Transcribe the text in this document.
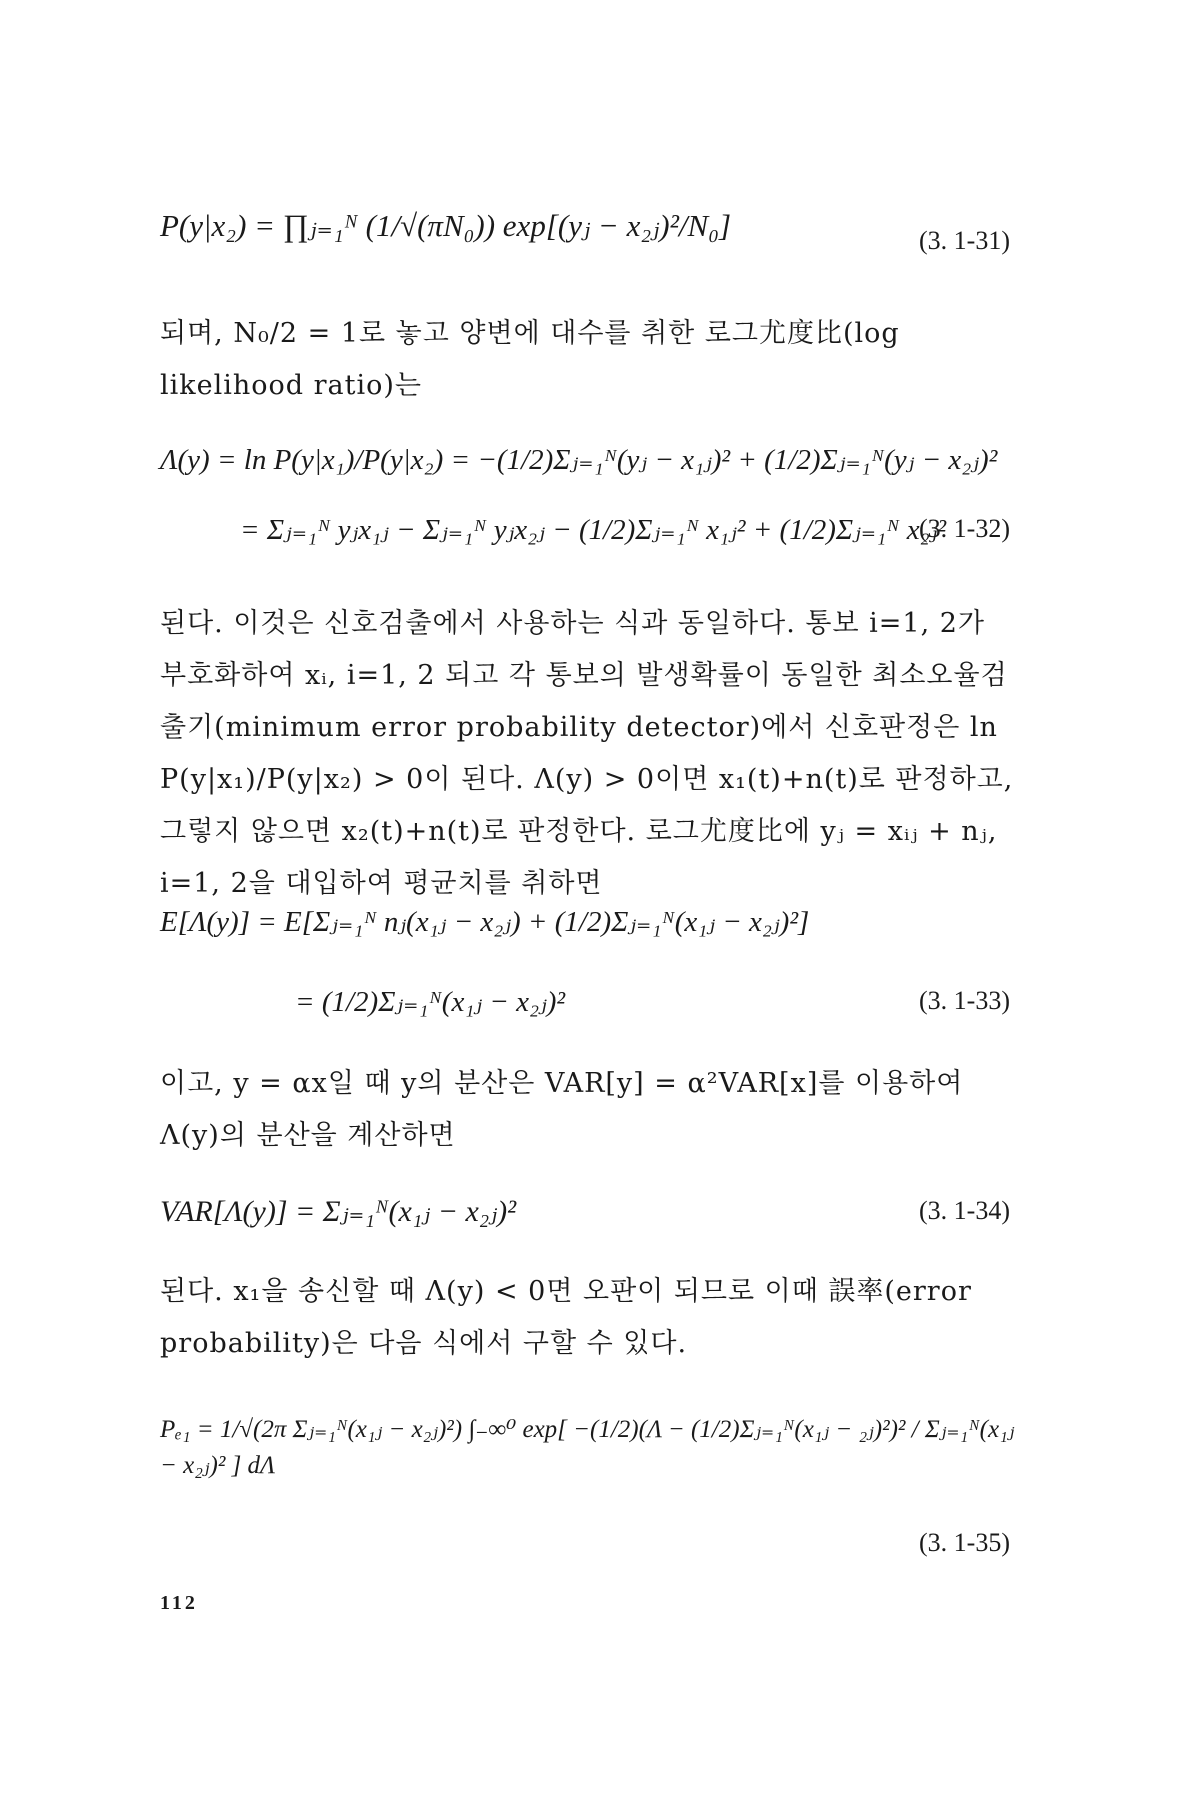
P(y|x₂) = ∏ⱼ₌₁ᴺ (1/√(πN₀)) exp[(yⱼ − x₂ⱼ)²/N₀]	(3. 1-31)
되며, N₀/2 = 1로 놓고 양변에 대수를 취한 로그尤度比(log likelihood ratio)는
Λ(y) = ln P(y|x₁)/P(y|x₂) = −(1/2)Σⱼ₌₁ᴺ(yⱼ − x₁ⱼ)² + (1/2)Σⱼ₌₁ᴺ(yⱼ − x₂ⱼ)²
= Σⱼ₌₁ᴺ yⱼx₁ⱼ − Σⱼ₌₁ᴺ yⱼx₂ⱼ − (1/2)Σⱼ₌₁ᴺ x₁ⱼ² + (1/2)Σⱼ₌₁ᴺ x₂ⱼ²
(3. 1-32)
된다. 이것은 신호검출에서 사용하는 식과 동일하다. 통보 i=1, 2가 부호화하여 xᵢ, i=1, 2 되고 각 통보의 발생확률이 동일한 최소오율검출기(minimum error probability detector)에서 신호판정은 ln P(y|x₁)/P(y|x₂) > 0이 된다. Λ(y) > 0이면 x₁(t)+n(t)로 판정하고, 그렇지 않으면 x₂(t)+n(t)로 판정한다. 로그尤度比에 yⱼ = xᵢⱼ + nⱼ, i=1, 2을 대입하여 평균치를 취하면
E[Λ(y)] = E[Σⱼ₌₁ᴺ nⱼ(x₁ⱼ − x₂ⱼ) + (1/2)Σⱼ₌₁ᴺ(x₁ⱼ − x₂ⱼ)²]
= (1/2)Σⱼ₌₁ᴺ(x₁ⱼ − x₂ⱼ)²	(3. 1-33)
이고, y = αx일 때 y의 분산은 VAR[y] = α²VAR[x]를 이용하여 Λ(y)의 분산을 계산하면
VAR[Λ(y)] = Σⱼ₌₁ᴺ(x₁ⱼ − x₂ⱼ)²	(3. 1-34)
된다. x₁을 송신할 때 Λ(y) < 0면 오판이 되므로 이때 誤率(error probability)은 다음 식에서 구할 수 있다.
Pₑ₁ = 1/√(2π Σⱼ₌₁ᴺ(x₁ⱼ − x₂ⱼ)²) ∫₋∞⁰ exp[ −(1/2)(Λ − (1/2)Σⱼ₌₁ᴺ(x₁ⱼ − ₂ⱼ)²)² / Σⱼ₌₁ᴺ(x₁ⱼ − x₂ⱼ)² ] dΛ
(3. 1-35)
112
